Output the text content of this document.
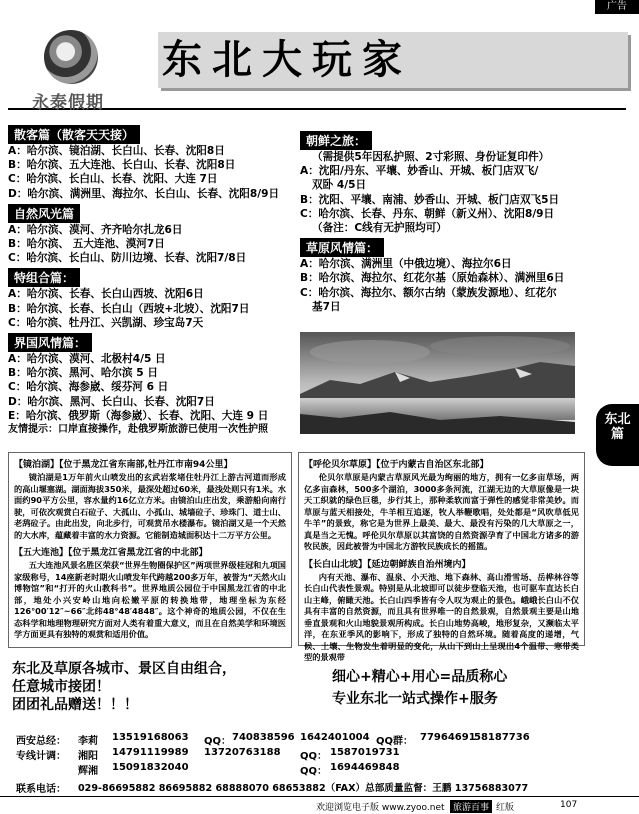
广告
永泰假期
东北大玩家
散客篇（散客天天接）
A：哈尔滨、镜泊湖、长白山、长春、沈阳8日
B：哈尔滨、五大连池、长白山、长春、沈阳8日
C：哈尔滨、长白山、长春、沈阳、大连 7日
D：哈尔滨、满洲里、海拉尔、长白山、长春、沈阳8/9日
自然风光篇
A：哈尔滨、漠河、齐齐哈尔扎龙6日
B：哈尔滨、 五大连池、漠河7日
C：哈尔滨、长白山、防川边境、长春、沈阳7/8日
特组合篇：
A：哈尔滨、长春、长白山西坡、沈阳6日
B：哈尔滨、长春、长白山（西坡+北坡）、沈阳7日
C：哈尔滨、牡丹江、兴凯湖、珍宝岛7天
界国风情篇：
A：哈尔滨、漠河、北极村4/5 日
B：哈尔滨、黑河、哈尔滨 5 日
C：哈尔滨、海参崴、绥芬河 6 日
D：哈尔滨、黑河、长白山、长春、沈阳7日
E：哈尔滨、俄罗斯（海参崴）、长春、沈阳、大连 9 日
友情提示：口岸直接操作，赴俄罗斯旅游已使用一次性护照
朝鲜之旅：
（需提供5年因私护照、2寸彩照、身份证复印件）
A：沈阳/丹东、平壤、妙香山、开城、板门店双飞/
双卧 4/5日
B：沈阳、平壤、南浦、妙香山、开城、板门店双飞5日
C：哈尔滨、长春、丹东、朝鲜（新义州）、沈阳8/9日
（备注：C线有无护照均可）
草原风情篇：
A：哈尔滨、满洲里（中俄边境）、海拉尔6日
B：哈尔滨、海拉尔、红花尔基（原始森林）、满洲里6日
C：哈尔滨、海拉尔、额尔古纳（蒙族发源地）、红花尔
基7日
东北
篇
【镜泊湖】【位于黑龙江省东南部,牡丹江市南94公里】
镜泊湖是1万年前火山喷发出的玄武岩浆堵住牡丹江上游古河道而形成的高山堰塞湖。湖面海拔350米，最深处超过60米，最浅处则只有1米。水面约90平方公里，容水量约16亿立方米。由镜泊山庄出发，乘游船向南行驶，可依次观赏白石砬子、大孤山、小孤山、城墙砬子、珍珠门、道士山、老鸹砬子。由此出发，向北步行，可观赏吊水楼瀑布。镜泊湖又是一个天然的大水库，蕴藏着丰富的水力资源。它能制造城面积达十二万平方公里。
【五大连池】【位于黑龙江省黑龙江省的中北部】
五大连池风景名胜区荣获“世界生物圈保护区”两项世界级桂冠和九项国家级称号，14座新老时期火山喷发年代跨越200多万年，被誉为“天然火山博物馆”和“打开的火山教科书”。世界地质公园位于中国黑龙江省的中北部，地处小兴安岭山地向松嫩平原的转换地带，地理坐标为东经126°00′12″~66″北纬48°48′4848″。这个神奇的地质公园，不仅在生态科学和地理物理研究方面对人类有着重大意义，而且在自然美学和环境医学方面更具有独特的观赏和适用价值。
【呼伦贝尔草原】【位于内蒙古自治区东北部】
伦贝尔草原是内蒙古草原风光最为绚丽的地方，拥有一亿多亩草场，两亿多亩森林，500多个湖泊，3000多条河流，江湖无边的大草原像是一块天工织就的绿色巨毯，步行其上，那种柔软而富于弹性的感觉非常美妙。而草原与蓝天相接处，牛羊相互追逐，牧人举鞭歌唱，处处都是“风吹草低见牛羊”的景致，称它是为世界上最美、最大、最没有污染的几大草原之一，真是当之无愧。呼伦贝尔草原以其富饶的自然资源孕育了中国北方诸多的游牧民族，因此被誉为中国北方游牧民族成长的摇篮。
【长白山北坡】【延边朝鲜族自治州境内】
内有天池、瀑布、温泉、小天池、地下森林、高山滑雪场、岳桦林谷等长白山代表性景观。特别是从北坡即可以徒步登临天池，也可驱车直达长白山主峰，俯瞰天池。长白山四季皆有令人叹为观止的景色。峨峨长白山不仅具有丰富的自然资源，而且具有世界唯一的自然景观，自然景观主要是山地垂直景观和火山地貌景观所构成。长白山地势高峻，地形复杂，又濒临太平洋，在东亚季风的影响下，形成了独特的自然环境。随着高度的递增，气候、土壤、生物发生着明显的变化，从山下到山上呈现出4个温带、寒带类型的景观带
东北及草原各城市、景区自由组合，
任意城市接团！
团团礼品赠送！！！
细心+精心+用心=品质称心
专业东北一站式操作+服务
西安总经： 李莉 13519168063 QQ： 740838596 1642401004 QQ群： 77964691
58187736
专线计调： 湘阳 14791119989 13720763188 QQ： 1587019731
辉湘 15091832040	QQ： 1694469848
联系电话： 029-86695882 86695882 68888070 68653882（FAX）总部质量监督：王鹏 13756883077
欢迎浏览电子版 www.zyoo.net 旅游百事 红版	107
